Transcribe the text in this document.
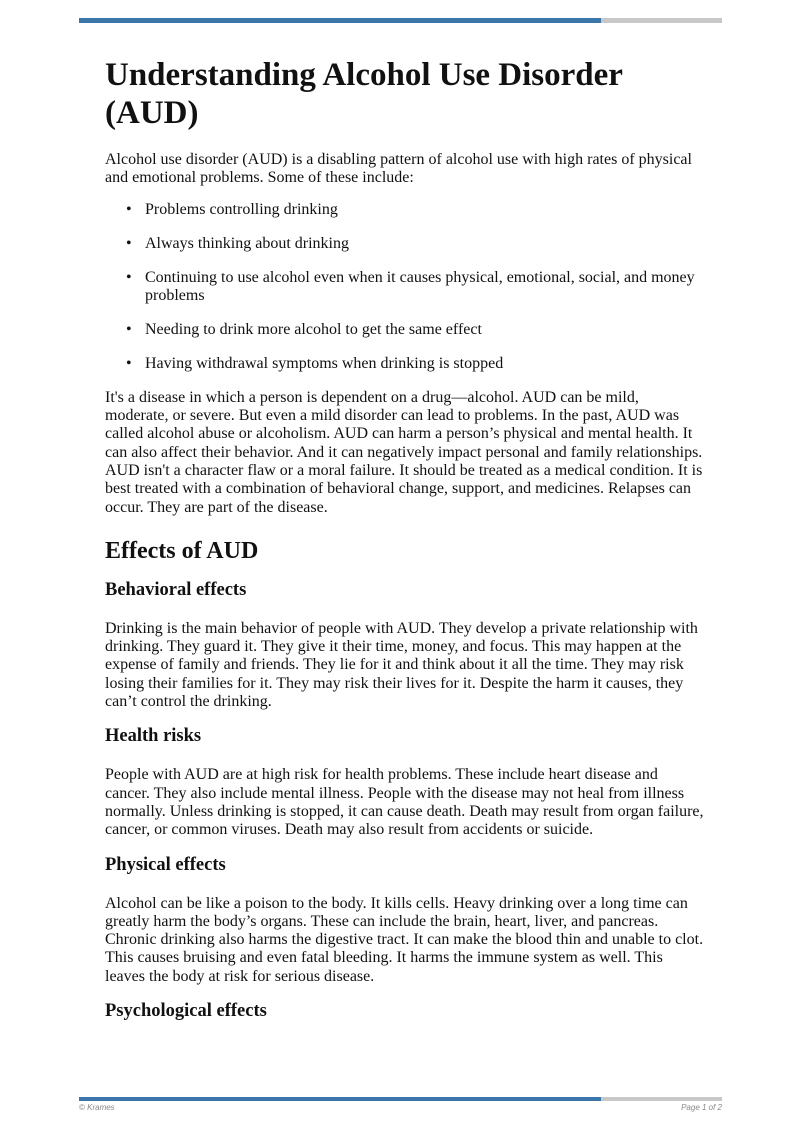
Understanding Alcohol Use Disorder (AUD)

Alcohol use disorder (AUD) is a disabling pattern of alcohol use with high rates of physical and emotional problems. Some of these include:

• Problems controlling drinking
• Always thinking about drinking
• Continuing to use alcohol even when it causes physical, emotional, social, and money problems
• Needing to drink more alcohol to get the same effect
• Having withdrawal symptoms when drinking is stopped

It's a disease in which a person is dependent on a drug—alcohol. AUD can be mild, moderate, or severe. But even a mild disorder can lead to problems. In the past, AUD was called alcohol abuse or alcoholism. AUD can harm a person’s physical and mental health. It can also affect their behavior. And it can negatively impact personal and family relationships. AUD isn't a character flaw or a moral failure. It should be treated as a medical condition. It is best treated with a combination of behavioral change, support, and medicines. Relapses can occur. They are part of the disease.

Effects of AUD
Behavioral effects

Drinking is the main behavior of people with AUD. They develop a private relationship with drinking. They guard it. They give it their time, money, and focus. This may happen at the expense of family and friends. They lie for it and think about it all the time. They may risk losing their families for it. They may risk their lives for it. Despite the harm it causes, they can’t control the drinking.

Health risks

People with AUD are at high risk for health problems. These include heart disease and cancer. They also include mental illness. People with the disease may not heal from illness normally. Unless drinking is stopped, it can cause death. Death may result from organ failure, cancer, or common viruses. Death may also result from accidents or suicide.

Physical effects

Alcohol can be like a poison to the body. It kills cells. Heavy drinking over a long time can greatly harm the body’s organs. These can include the brain, heart, liver, and pancreas. Chronic drinking also harms the digestive tract. It can make the blood thin and unable to clot. This causes bruising and even fatal bleeding. It harms the immune system as well. This leaves the body at risk for serious disease.

Psychological effects
© Krames	Page 1 of 2
